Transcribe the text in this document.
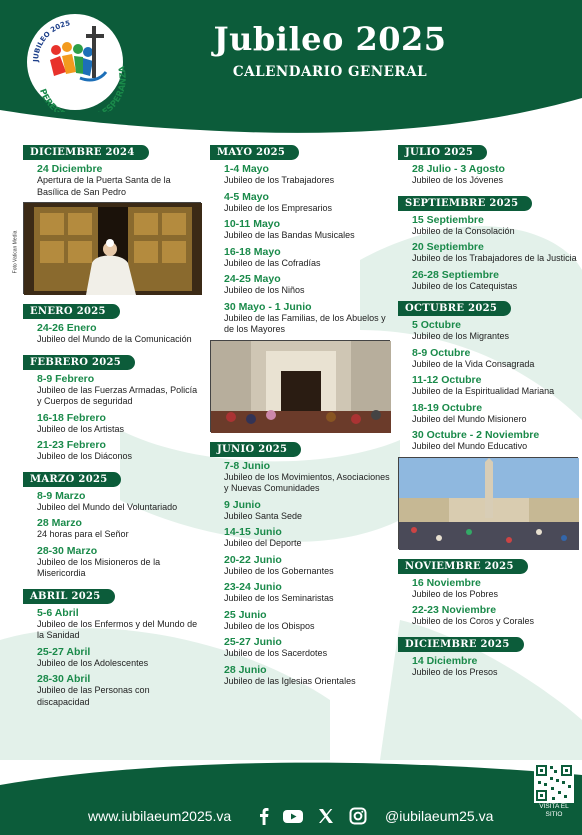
JUBILEO 2025
PEREG ESPERANZA
Jubileo 2025
CALENDARIO GENERAL
DICIEMBRE 2024
24 Diciembre
Apertura de la Puerta Santa de la Basílica de San Pedro
Foto Vatican Media
ENERO 2025
24-26 Enero
Jubileo del Mundo de la Comunicación
FEBRERO 2025
8-9 Febrero
Jubileo de las Fuerzas Armadas, Policía y Cuerpos de seguridad
16-18 Febrero
Jubileo de los Artistas
21-23 Febrero
Jubileo de los Diáconos
MARZO 2025
8-9 Marzo
Jubileo del Mundo del Voluntariado
28 Marzo
24 horas para el Señor
28-30 Marzo
Jubileo de los Misioneros de la Misericordia
ABRIL 2025
5-6 Abril
Jubileo de los Enfermos y del Mundo de la Sanidad
25-27 Abril
Jubileo de los Adolescentes
28-30 Abril
Jubileo de las Personas con discapacidad
MAYO 2025
1-4 Mayo
Jubileo de los Trabajadores
4-5 Mayo
Jubileo de los Empresarios
10-11 Mayo
Jubileo de las Bandas Musicales
16-18 Mayo
Jubileo de las Cofradías
24-25 Mayo
Jubileo de los Niños
30 Mayo - 1 Junio
Jubileo de las Familias, de los Abuelos y de los Mayores
JUNIO 2025
7-8 Junio
Jubileo de los Movimientos, Asociaciones y Nuevas Comunidades
9 Junio
Jubileo Santa Sede
14-15 Junio
Jubileo del Deporte
20-22 Junio
Jubileo de los Gobernantes
23-24 Junio
Jubileo de los Seminaristas
25 Junio
Jubileo de los Obispos
25-27 Junio
Jubileo de los Sacerdotes
28 Junio
Jubileo de las Iglesias Orientales
JULIO 2025
28 Julio - 3 Agosto
Jubileo de los Jóvenes
SEPTIEMBRE 2025
15 Septiembre
Jubileo de la Consolación
20 Septiembre
Jubileo de los Trabajadores de la Justicia
26-28 Septiembre
Jubileo de los Catequistas
OCTUBRE 2025
5 Octubre
Jubileo de los Migrantes
8-9 Octubre
Jubileo de la Vida Consagrada
11-12 Octubre
Jubileo de la Espiritualidad Mariana
18-19 Octubre
Jubileo del Mundo Misionero
30 Octubre - 2 Noviembre
Jubileo del Mundo Educativo
NOVIEMBRE 2025
16 Noviembre
Jubileo de los Pobres
22-23 Noviembre
Jubileo de los Coros y Corales
DICIEMBRE 2025
14 Diciembre
Jubileo de los Presos
www.iubilaeum2025.va	@iubilaeum25.va
VISITA EL
SITIO
